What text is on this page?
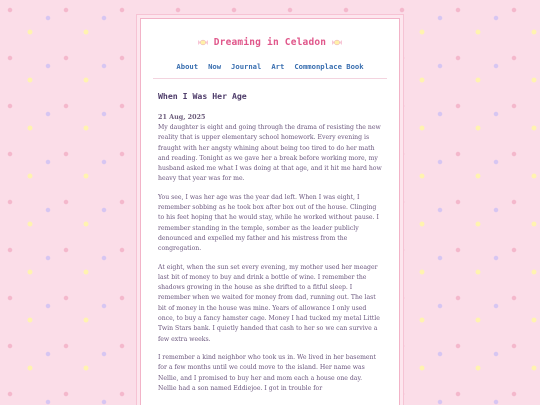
Dreaming in Celadon
About Now Journal Art Commonplace Book
When I Was Her Age
21 Aug, 2025

My daughter is eight and going through the drama of resisting the new reality that is upper elementary school homework. Every evening is fraught with her angsty whining about being too tired to do her math and reading. Tonight as we gave her a break before working more, my husband asked me what I was doing at that age, and it hit me hard how heavy that year was for me.

You see, I was her age was the year dad left. When I was eight, I remember sobbing as he took box after box out of the house. Clinging to his feet hoping that he would stay, while he worked without pause. I remember standing in the temple, somber as the leader publicly denounced and expelled my father and his mistress from the congregation.

At eight, when the sun set every evening, my mother used her meager last bit of money to buy and drink a bottle of wine. I remember the shadows growing in the house as she drifted to a fitful sleep. I remember when we waited for money from dad, running out. The last bit of money in the house was mine. Years of allowance I only used once, to buy a fancy hamster cage. Money I had tucked my metal Little Twin Stars bank. I quietly handed that cash to her so we can survive a few extra weeks.

I remember a kind neighbor who took us in. We lived in her basement for a few months until we could move to the island. Her name was Nellie, and I promised to buy her and mom each a house one day. Nellie had a son named Eddiejoe. I got in trouble for
